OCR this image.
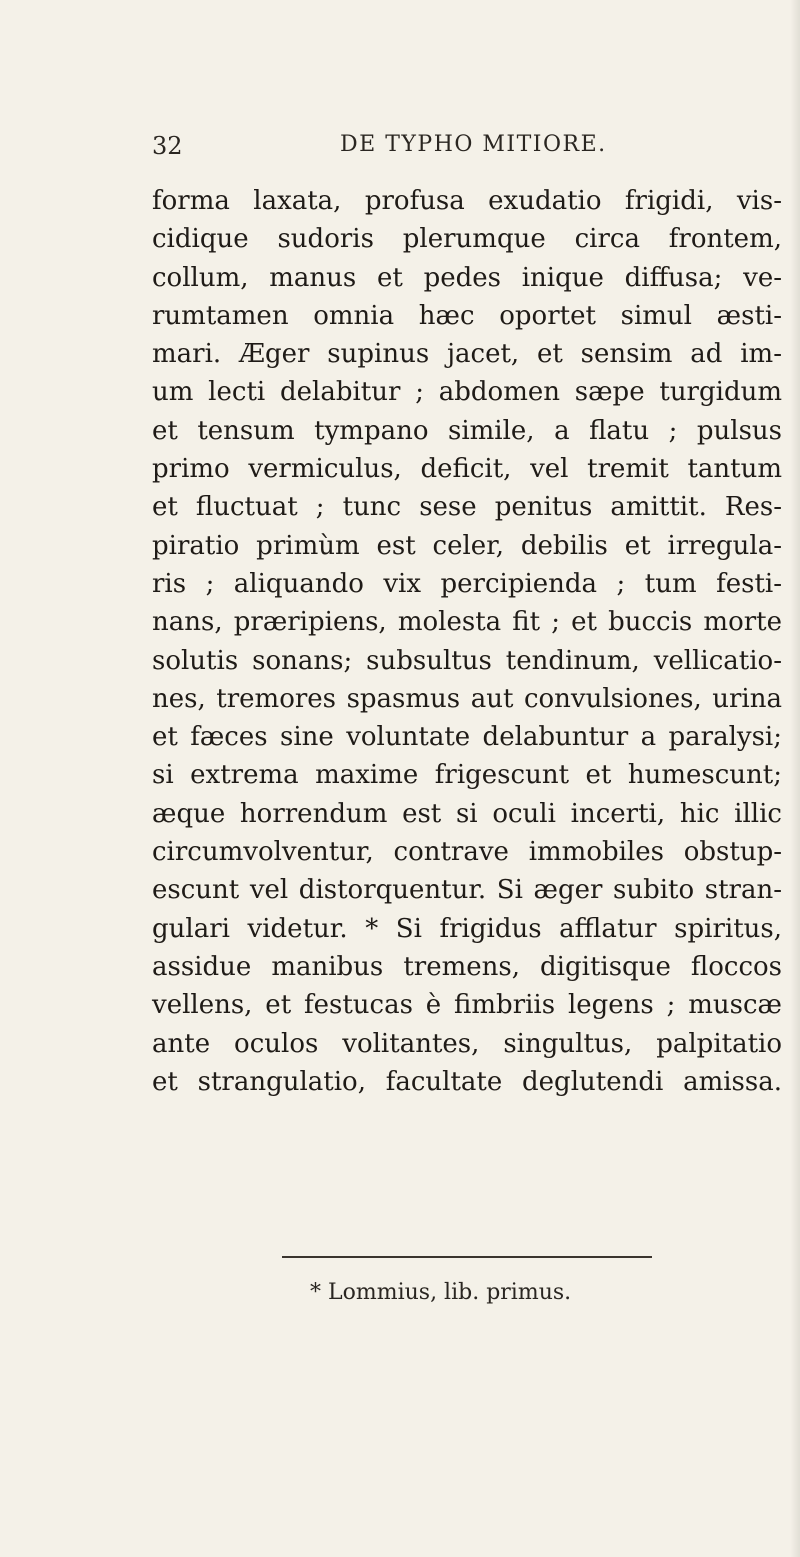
32	DE TYPHO MITIORE.
forma laxata, profusa exudatio frigidi, vis-
cidique sudoris plerumque circa frontem,
collum, manus et pedes inique diffusa; ve-
rumtamen omnia hæc oportet simul æsti-
mari. Æger supinus jacet, et sensim ad im-
um lecti delabitur ; abdomen sæpe turgidum
et tensum tympano simile, a flatu ; pulsus
primo vermiculus, deficit, vel tremit tantum
et fluctuat ; tunc sese penitus amittit. Res-
piratio primùm est celer, debilis et irregula-
ris ; aliquando vix percipienda ; tum festi-
nans, præripiens, molesta fit ; et buccis morte
solutis sonans; subsultus tendinum, vellicatio-
nes, tremores spasmus aut convulsiones, urina
et fæces sine voluntate delabuntur a paralysi;
si extrema maxime frigescunt et humescunt;
æque horrendum est si oculi incerti, hic illic
circumvolventur, contrave immobiles obstup-
escunt vel distorquentur. Si æger subito stran-
gulari videtur. * Si frigidus afflatur spiritus,
assidue manibus tremens, digitisque floccos
vellens, et festucas è fimbriis legens ; muscæ
ante oculos volitantes, singultus, palpitatio
et strangulatio, facultate deglutendi amissa.
* Lommius, lib. primus.
